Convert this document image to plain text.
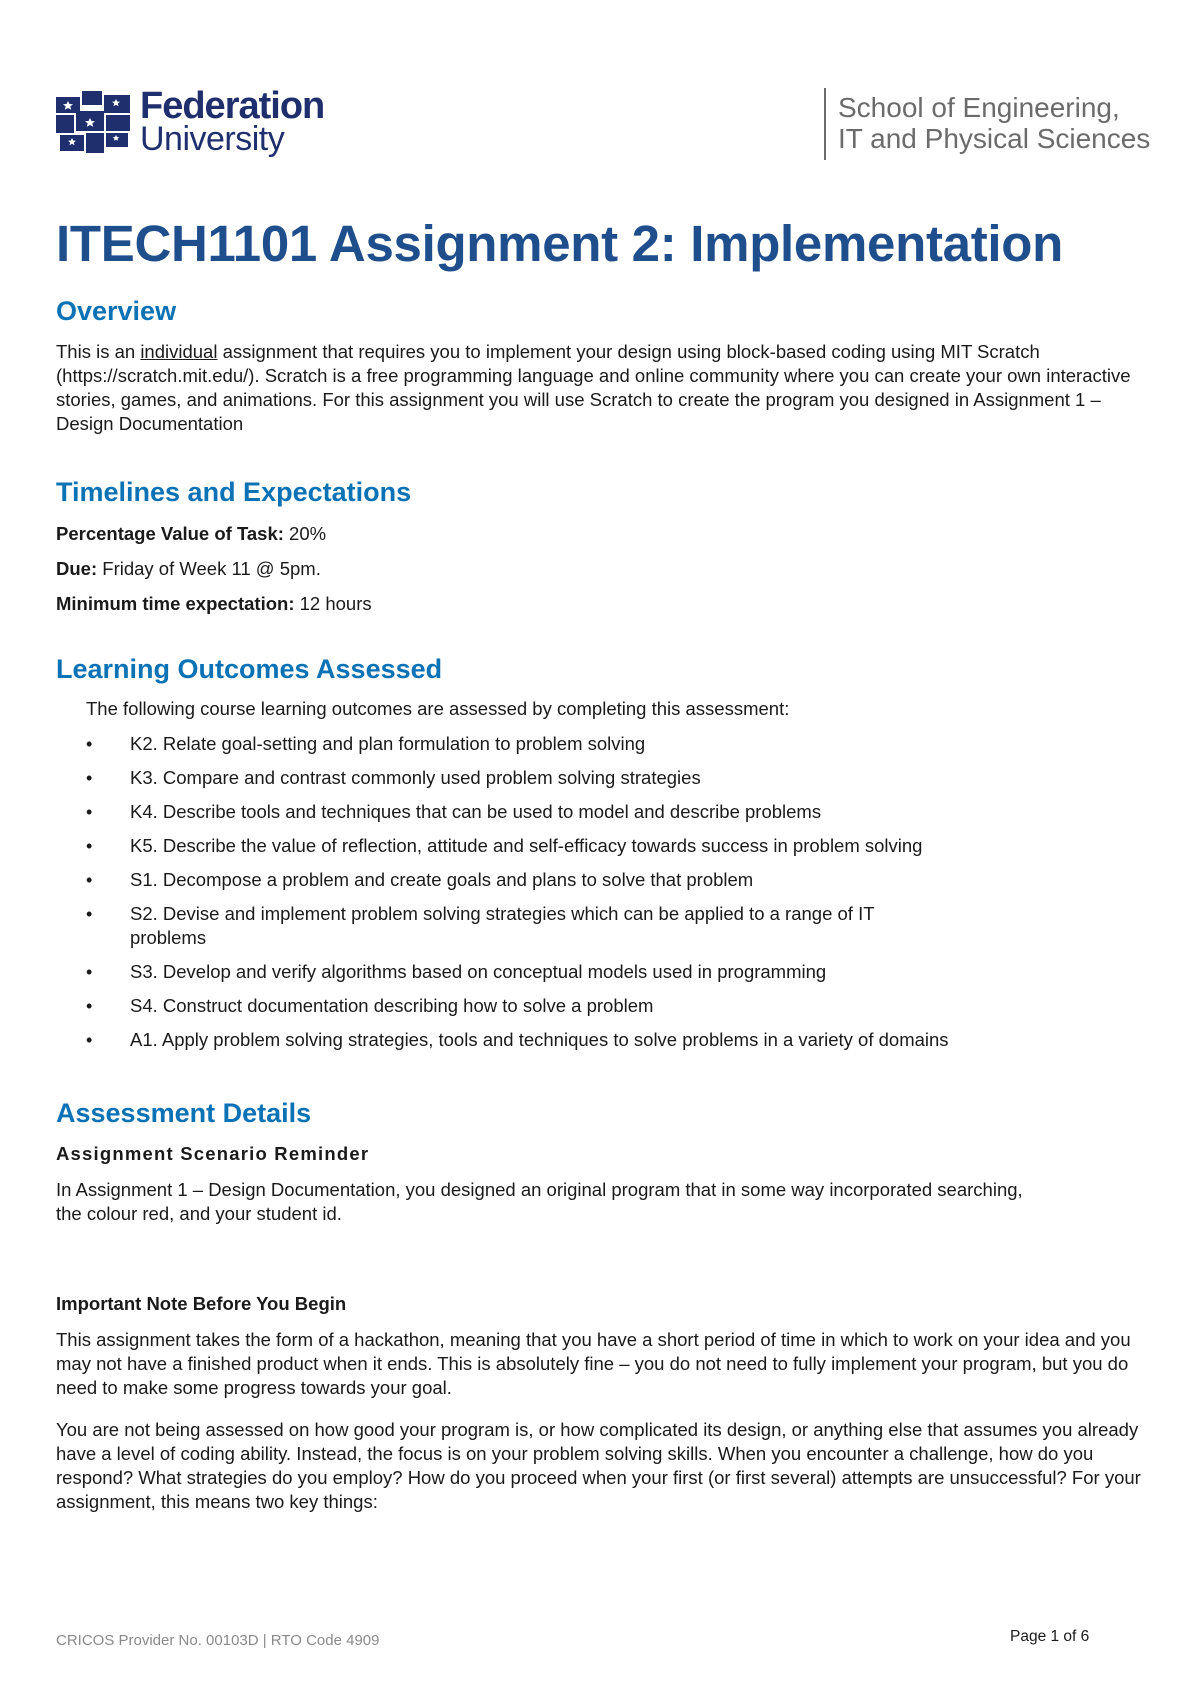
Federation
University
School of Engineering,
IT and Physical Sciences
ITECH1101 Assignment 2: Implementation
Overview

This is an individual assignment that requires you to implement your design using block-based coding using MIT Scratch (https://scratch.mit.edu/). Scratch is a free programming language and online community where you can create your own interactive stories, games, and animations. For this assignment you will use Scratch to create the program you designed in Assignment 1 – Design Documentation

Timelines and Expectations

Percentage Value of Task: 20%

Due: Friday of Week 11 @ 5pm.

Minimum time expectation: 12 hours

Learning Outcomes Assessed

The following course learning outcomes are assessed by completing this assessment:

• K2. Relate goal-setting and plan formulation to problem solving
• K3. Compare and contrast commonly used problem solving strategies
• K4. Describe tools and techniques that can be used to model and describe problems
• K5. Describe the value of reflection, attitude and self-efficacy towards success in problem solving
• S1. Decompose a problem and create goals and plans to solve that problem
• S2. Devise and implement problem solving strategies which can be applied to a range of IT problems
• S3. Develop and verify algorithms based on conceptual models used in programming
• S4. Construct documentation describing how to solve a problem
• A1. Apply problem solving strategies, tools and techniques to solve problems in a variety of domains
Assessment Details

Assignment Scenario Reminder

In Assignment 1 – Design Documentation, you designed an original program that in some way incorporated searching, the colour red, and your student id.

Important Note Before You Begin

This assignment takes the form of a hackathon, meaning that you have a short period of time in which to work on your idea and you may not have a finished product when it ends. This is absolutely fine – you do not need to fully implement your program, but you do need to make some progress towards your goal.

You are not being assessed on how good your program is, or how complicated its design, or anything else that assumes you already have a level of coding ability. Instead, the focus is on your problem solving skills. When you encounter a challenge, how do you respond? What strategies do you employ? How do you proceed when your first (or first several) attempts are unsuccessful? For your assignment, this means two key things:

CRICOS Provider No. 00103D | RTO Code 4909	Page 1 of 6
